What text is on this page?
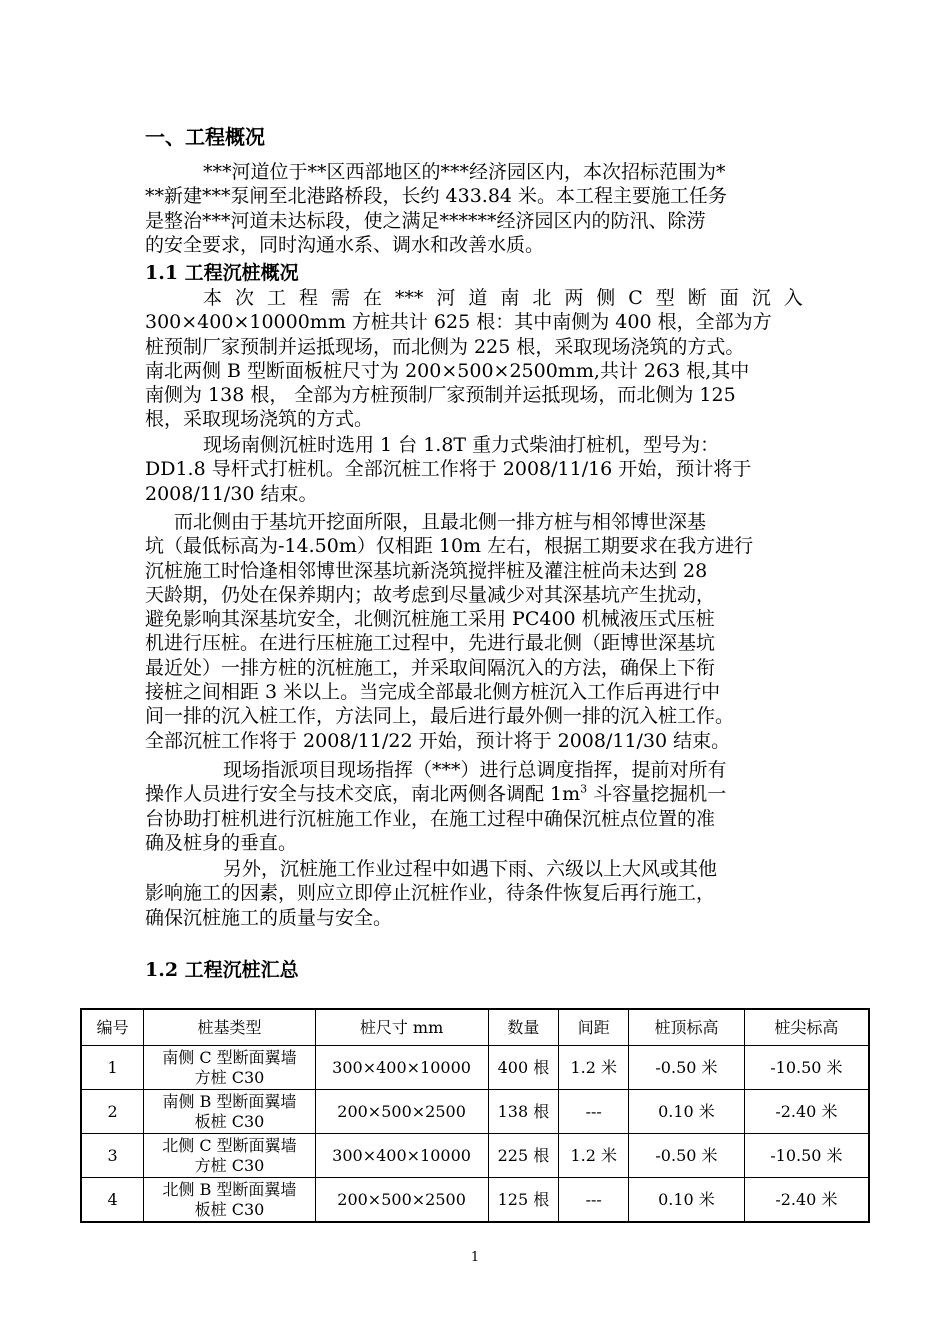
一、工程概况
***河道位于**区西部地区的***经济园区内，本次招标范围为*
**新建***泵闸至北港路桥段，长约 433.84 米。本工程主要施工任务
是整治***河道未达标段，使之满足******经济园区内的防汛、除涝
的安全要求，同时沟通水系、调水和改善水质。
1.1 工程沉桩概况
本 次 工 程 需 在 *** 河 道 南 北 两 侧 C 型 断 面 沉 入
300×400×10000mm 方桩共计 625 根：其中南侧为 400 根，全部为方
桩预制厂家预制并运抵现场，而北侧为 225 根，采取现场浇筑的方式。
南北两侧 B 型断面板桩尺寸为 200×500×2500mm,共计 263 根,其中
南侧为 138 根， 全部为方桩预制厂家预制并运抵现场，而北侧为 125
根，采取现场浇筑的方式。
现场南侧沉桩时选用 1 台 1.8T 重力式柴油打桩机，型号为：
DD1.8 导杆式打桩机。全部沉桩工作将于 2008/11/16 开始，预计将于
2008/11/30 结束。
而北侧由于基坑开挖面所限，且最北侧一排方桩与相邻博世深基
坑（最低标高为-14.50m）仅相距 10m 左右，根据工期要求在我方进行
沉桩施工时恰逢相邻博世深基坑新浇筑搅拌桩及灌注桩尚未达到 28
天龄期，仍处在保养期内；故考虑到尽量减少对其深基坑产生扰动，
避免影响其深基坑安全，北侧沉桩施工采用 PC400 机械液压式压桩
机进行压桩。在进行压桩施工过程中，先进行最北侧（距博世深基坑
最近处）一排方桩的沉桩施工，并采取间隔沉入的方法，确保上下衔
接桩之间相距 3 米以上。当完成全部最北侧方桩沉入工作后再进行中
间一排的沉入桩工作，方法同上，最后进行最外侧一排的沉入桩工作。
全部沉桩工作将于 2008/11/22 开始，预计将于 2008/11/30 结束。
现场指派项目现场指挥（***）进行总调度指挥，提前对所有
操作人员进行安全与技术交底，南北两侧各调配 $1m^3$ 斗容量挖掘机一
台协助打桩机进行沉桩施工作业，在施工过程中确保沉桩点位置的准
确及桩身的垂直。
另外，沉桩施工作业过程中如遇下雨、六级以上大风或其他
影响施工的因素，则应立即停止沉桩作业，待条件恢复后再行施工，
确保沉桩施工的质量与安全。
1.2 工程沉桩汇总
编号	桩基类型	桩尺寸 mm	数量	间距	桩顶标高	桩尖标高

1	南侧 C 型断面翼墙
方桩 C30	300×400×10000	400 根	1.2 米	-0.50 米	-10.50 米

2	南侧 B 型断面翼墙
板桩 C30	200×500×2500	138 根	---	0.10 米	-2.40 米

3	北侧 C 型断面翼墙
方桩 C30	300×400×10000	225 根	1.2 米	-0.50 米	-10.50 米

4	北侧 B 型断面翼墙
板桩 C30	200×500×2500	125 根	---	0.10 米	-2.40 米
1
